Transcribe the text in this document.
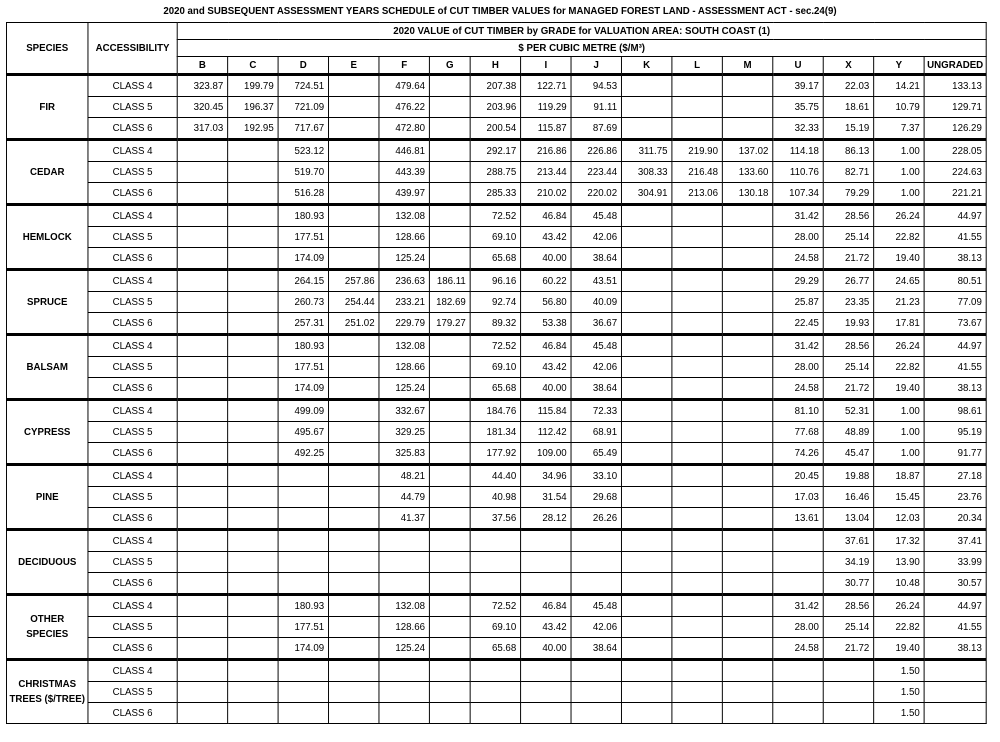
2020 and SUBSEQUENT ASSESSMENT YEARS SCHEDULE of CUT TIMBER VALUES for MANAGED FOREST LAND - ASSESSMENT ACT - sec.24(9)
SPECIES	ACCESSIBILITY	2020 VALUE of CUT TIMBER by GRADE for VALUATION AREA: SOUTH COAST (1)															
		$ PER CUBIC METRE ($/M³)															
		B	C	D	E	F	G	H	I	J	K	L	M	U	X	Y	UNGRADED
FIR	CLASS 4	323.87	199.79	724.51		479.64		207.38	122.71	94.53				39.17	22.03	14.21	133.13
	CLASS 5	320.45	196.37	721.09		476.22		203.96	119.29	91.11				35.75	18.61	10.79	129.71
	CLASS 6	317.03	192.95	717.67		472.80		200.54	115.87	87.69				32.33	15.19	7.37	126.29
CEDAR	CLASS 4			523.12		446.81		292.17	216.86	226.86	311.75	219.90	137.02	114.18	86.13	1.00	228.05
	CLASS 5			519.70		443.39		288.75	213.44	223.44	308.33	216.48	133.60	110.76	82.71	1.00	224.63
	CLASS 6			516.28		439.97		285.33	210.02	220.02	304.91	213.06	130.18	107.34	79.29	1.00	221.21
HEMLOCK	CLASS 4			180.93		132.08		72.52	46.84	45.48				31.42	28.56	26.24	44.97
	CLASS 5			177.51		128.66		69.10	43.42	42.06				28.00	25.14	22.82	41.55
	CLASS 6			174.09		125.24		65.68	40.00	38.64				24.58	21.72	19.40	38.13
SPRUCE	CLASS 4			264.15	257.86	236.63	186.11	96.16	60.22	43.51				29.29	26.77	24.65	80.51
	CLASS 5			260.73	254.44	233.21	182.69	92.74	56.80	40.09				25.87	23.35	21.23	77.09
	CLASS 6			257.31	251.02	229.79	179.27	89.32	53.38	36.67				22.45	19.93	17.81	73.67
BALSAM	CLASS 4			180.93		132.08		72.52	46.84	45.48				31.42	28.56	26.24	44.97
	CLASS 5			177.51		128.66		69.10	43.42	42.06				28.00	25.14	22.82	41.55
	CLASS 6			174.09		125.24		65.68	40.00	38.64				24.58	21.72	19.40	38.13
CYPRESS	CLASS 4			499.09		332.67		184.76	115.84	72.33				81.10	52.31	1.00	98.61
	CLASS 5			495.67		329.25		181.34	112.42	68.91				77.68	48.89	1.00	95.19
	CLASS 6			492.25		325.83		177.92	109.00	65.49				74.26	45.47	1.00	91.77
PINE	CLASS 4					48.21		44.40	34.96	33.10				20.45	19.88	18.87	27.18
	CLASS 5					44.79		40.98	31.54	29.68				17.03	16.46	15.45	23.76
	CLASS 6					41.37		37.56	28.12	26.26				13.61	13.04	12.03	20.34
DECIDUOUS	CLASS 4														37.61	17.32	37.41
	CLASS 5														34.19	13.90	33.99
	CLASS 6														30.77	10.48	30.57
OTHER SPECIES	CLASS 4			180.93		132.08		72.52	46.84	45.48				31.42	28.56	26.24	44.97
	CLASS 5			177.51		128.66		69.10	43.42	42.06				28.00	25.14	22.82	41.55
	CLASS 6			174.09		125.24		65.68	40.00	38.64				24.58	21.72	19.40	38.13
CHRISTMAS TREES ($/TREE)	CLASS 4															1.50	
	CLASS 5															1.50	
	CLASS 6															1.50	
